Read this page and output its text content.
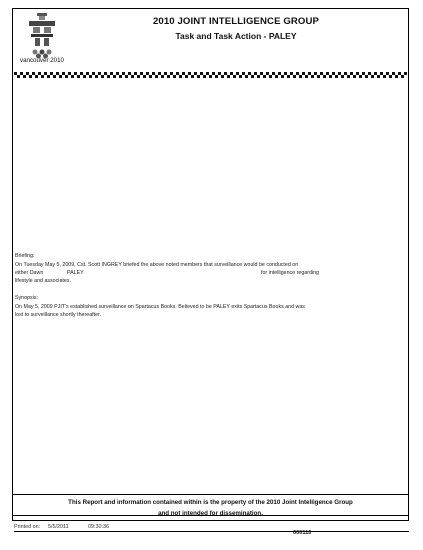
vancouver 2010
2010 JOINT INTELLIGENCE GROUP
Task and Task Action - PALEY
Briefing:
On Tuesday May 5, 2009, Cst. Scott INGREY briefed the above noted members that surveillance would be conducted on
either Dawn	PALEY	for intelligence regarding
lifestyle and associates.
Synopsis:
On May 5, 2009 PJIT's established surveillance on Spartacus Books. Believed to be PALEY exits Spartacus Books and was
lost to surveillance shortly thereafter.
This Report and information contained within is the property of the 2010 Joint Intelligence Group
and not intended for dissemination.
Printed on: 5/5/2011	09:30:36
000110
